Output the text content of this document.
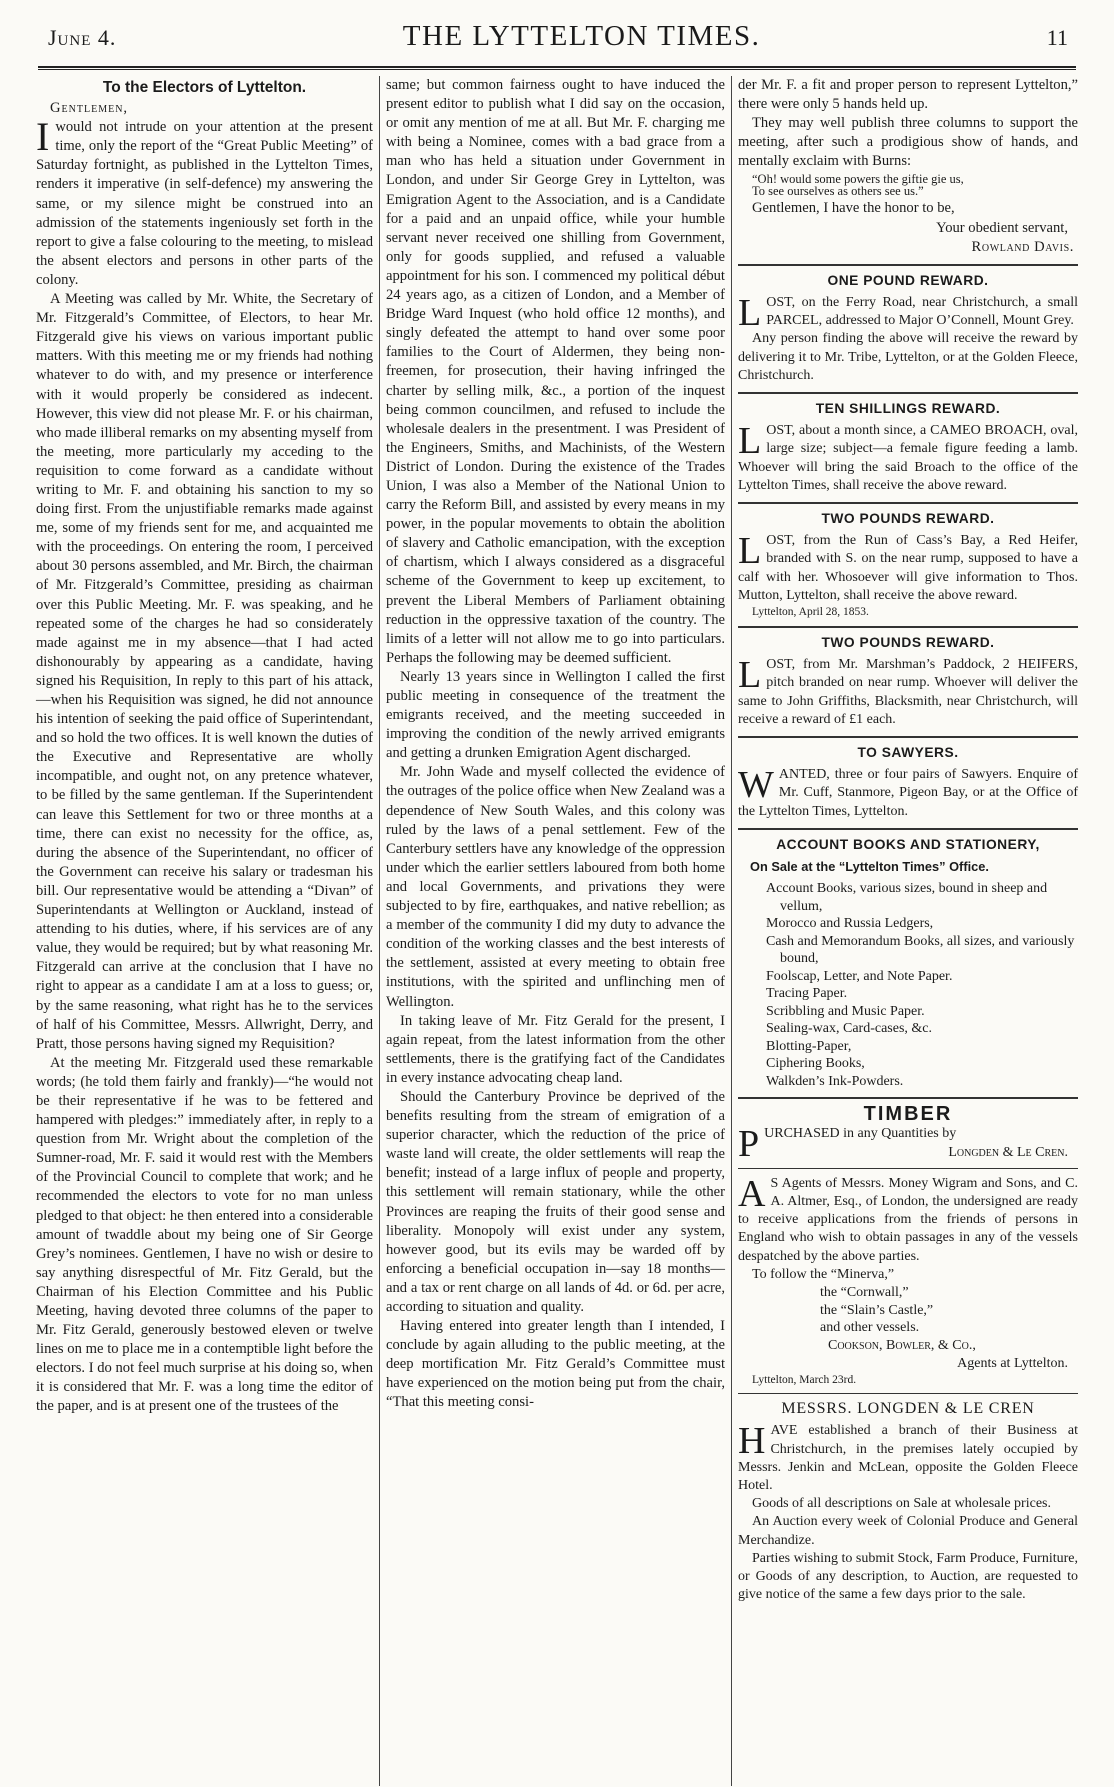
June 4.	THE LYTTELTON TIMES.	11
To the Electors of Lyttelton.

Gentlemen,

Iwould not intrude on your attention at the present time, only the report of the “Great Public Meeting” of Saturday fortnight, as published in the Lyttelton Times, renders it imperative (in self-defence) my answering the same, or my silence might be construed into an admission of the statements ingeniously set forth in the report to give a false colouring to the meeting, to mislead the absent electors and persons in other parts of the colony.

A Meeting was called by Mr. White, the Secretary of Mr. Fitzgerald’s Committee, of Electors, to hear Mr. Fitzgerald give his views on various important public matters. With this meeting me or my friends had nothing whatever to do with, and my presence or interference with it would properly be considered as indecent. However, this view did not please Mr. F. or his chairman, who made illiberal remarks on my absenting myself from the meeting, more particularly my acceding to the requisition to come forward as a candidate without writing to Mr. F. and obtaining his sanction to my so doing first. From the unjustifiable remarks made against me, some of my friends sent for me, and acquainted me with the proceedings. On entering the room, I perceived about 30 persons assembled, and Mr. Birch, the chairman of Mr. Fitzgerald’s Committee, presiding as chairman over this Public Meeting. Mr. F. was speaking, and he repeated some of the charges he had so considerately made against me in my absence—that I had acted dishonourably by appearing as a candidate, having signed his Requisition, In reply to this part of his attack,—when his Requisition was signed, he did not announce his intention of seeking the paid office of Superintendant, and so hold the two offices. It is well known the duties of the Executive and Representative are wholly incompatible, and ought not, on any pretence whatever, to be filled by the same gentleman. If the Superintendent can leave this Settlement for two or three months at a time, there can exist no necessity for the office, as, during the absence of the Superintendant, no officer of the Government can receive his salary or tradesman his bill. Our representative would be attending a “Divan” of Superintendants at Wellington or Auckland, instead of attending to his duties, where, if his services are of any value, they would be required; but by what reasoning Mr. Fitzgerald can arrive at the conclusion that I have no right to appear as a candidate I am at a loss to guess; or, by the same reasoning, what right has he to the services of half of his Committee, Messrs. Allwright, Derry, and Pratt, those persons having signed my Requisition?

At the meeting Mr. Fitzgerald used these remarkable words; (he told them fairly and frankly)—“he would not be their representative if he was to be fettered and hampered with pledges:” immediately after, in reply to a question from Mr. Wright about the completion of the Sumner-road, Mr. F. said it would rest with the Members of the Provincial Council to complete that work; and he recommended the electors to vote for no man unless pledged to that object: he then entered into a considerable amount of twaddle about my being one of Sir George Grey’s nominees. Gentlemen, I have no wish or desire to say anything disrespectful of Mr. Fitz Gerald, but the Chairman of his Election Committee and his Public Meeting, having devoted three columns of the paper to Mr. Fitz Gerald, generously bestowed eleven or twelve lines on me to place me in a contemptible light before the electors. I do not feel much surprise at his doing so, when it is considered that Mr. F. was a long time the editor of the paper, and is at present one of the trustees of the

same; but common fairness ought to have induced the present editor to publish what I did say on the occasion, or omit any mention of me at all. But Mr. F. charging me with being a Nominee, comes with a bad grace from a man who has held a situation under Government in London, and under Sir George Grey in Lyttelton, was Emigration Agent to the Association, and is a Candidate for a paid and an unpaid office, while your humble servant never received one shilling from Government, only for goods supplied, and refused a valuable appointment for his son. I commenced my political début 24 years ago, as a citizen of London, and a Member of Bridge Ward Inquest (who hold office 12 months), and singly defeated the attempt to hand over some poor families to the Court of Aldermen, they being non-freemen, for prosecution, their having infringed the charter by selling milk, &c., a portion of the inquest being common councilmen, and refused to include the wholesale dealers in the presentment. I was President of the Engineers, Smiths, and Machinists, of the Western District of London. During the existence of the Trades Union, I was also a Member of the National Union to carry the Reform Bill, and assisted by every means in my power, in the popular movements to obtain the abolition of slavery and Catholic emancipation, with the exception of chartism, which I always considered as a disgraceful scheme of the Government to keep up excitement, to prevent the Liberal Members of Parliament obtaining reduction in the oppressive taxation of the country. The limits of a letter will not allow me to go into particulars. Perhaps the following may be deemed sufficient.

Nearly 13 years since in Wellington I called the first public meeting in consequence of the treatment the emigrants received, and the meeting succeeded in improving the condition of the newly arrived emigrants and getting a drunken Emigration Agent discharged.

Mr. John Wade and myself collected the evidence of the outrages of the police office when New Zealand was a dependence of New South Wales, and this colony was ruled by the laws of a penal settlement. Few of the Canterbury settlers have any knowledge of the oppression under which the earlier settlers laboured from both home and local Governments, and privations they were subjected to by fire, earthquakes, and native rebellion; as a member of the community I did my duty to advance the condition of the working classes and the best interests of the settlement, assisted at every meeting to obtain free institutions, with the spirited and unflinching men of Wellington.

In taking leave of Mr. Fitz Gerald for the present, I again repeat, from the latest information from the other settlements, there is the gratifying fact of the Candidates in every instance advocating cheap land.

Should the Canterbury Province be deprived of the benefits resulting from the stream of emigration of a superior character, which the reduction of the price of waste land will create, the older settlements will reap the benefit; instead of a large influx of people and property, this settlement will remain stationary, while the other Provinces are reaping the fruits of their good sense and liberality. Monopoly will exist under any system, however good, but its evils may be warded off by enforcing a beneficial occupation in—say 18 months—and a tax or rent charge on all lands of 4d. or 6d. per acre, according to situation and quality.

Having entered into greater length than I intended, I conclude by again alluding to the public meeting, at the deep mortification Mr. Fitz Gerald’s Committee must have experienced on the motion being put from the chair, “That this meeting consi-

der Mr. F. a fit and proper person to represent Lyttelton,” there were only 5 hands held up.

They may well publish three columns to support the meeting, after such a prodigious show of hands, and mentally exclaim with Burns:

“Oh! would some powers the giftie gie us,

To see ourselves as others see us.”

Gentlemen, I have the honor to be,

Your obedient servant,

Rowland Davis.

ONE POUND REWARD.

LOST, on the Ferry Road, near Christchurch, a small PARCEL, addressed to Major O’Connell, Mount Grey.

Any person finding the above will receive the reward by delivering it to Mr. Tribe, Lyttelton, or at the Golden Fleece, Christchurch.

TEN SHILLINGS REWARD.

LOST, about a month since, a CAMEO BROACH, oval, large size; subject—a female figure feeding a lamb. Whoever will bring the said Broach to the office of the Lyttelton Times, shall receive the above reward.

TWO POUNDS REWARD.

LOST, from the Run of Cass’s Bay, a Red Heifer, branded with S. on the near rump, supposed to have a calf with her. Whosoever will give information to Thos. Mutton, Lyttelton, shall receive the above reward.

Lyttelton, April 28, 1853.

TWO POUNDS REWARD.

LOST, from Mr. Marshman’s Paddock, 2 HEIFERS, pitch branded on near rump. Whoever will deliver the same to John Griffiths, Blacksmith, near Christchurch, will receive a reward of £1 each.

TO SAWYERS.

WANTED, three or four pairs of Sawyers. Enquire of Mr. Cuff, Stanmore, Pigeon Bay, or at the Office of the Lyttelton Times, Lyttelton.

ACCOUNT BOOKS AND STATIONERY,
On Sale at the “Lyttelton Times” Office.
Account Books, various sizes, bound in sheep and vellum,
Morocco and Russia Ledgers,
Cash and Memorandum Books, all sizes, and variously bound,
Foolscap, Letter, and Note Paper.
Tracing Paper.
Scribbling and Music Paper.
Sealing-wax, Card-cases, &c.
Blotting-Paper,
Ciphering Books,
Walkden’s Ink-Powders.
TIMBER

PURCHASED in any Quantities by

Longden & Le Cren.

A S Agents of Messrs. Money Wigram and Sons, and C. A. Altmer, Esq., of London, the undersigned are ready to receive applications from the friends of persons in England who wish to obtain passages in any of the vessels despatched by the above parties.

To follow the “Minerva,”

the “Cornwall,”
the “Slain’s Castle,”
and other vessels.

Cookson, Bowler, & Co.,

Agents at Lyttelton.

Lyttelton, March 23rd.

MESSRS. LONGDEN & LE CREN

HAVE established a branch of their Business at Christchurch, in the premises lately occupied by Messrs. Jenkin and McLean, opposite the Golden Fleece Hotel.

Goods of all descriptions on Sale at wholesale prices.

An Auction every week of Colonial Produce and General Merchandize.

Parties wishing to submit Stock, Farm Produce, Furniture, or Goods of any description, to Auction, are requested to give notice of the same a few days prior to the sale.
